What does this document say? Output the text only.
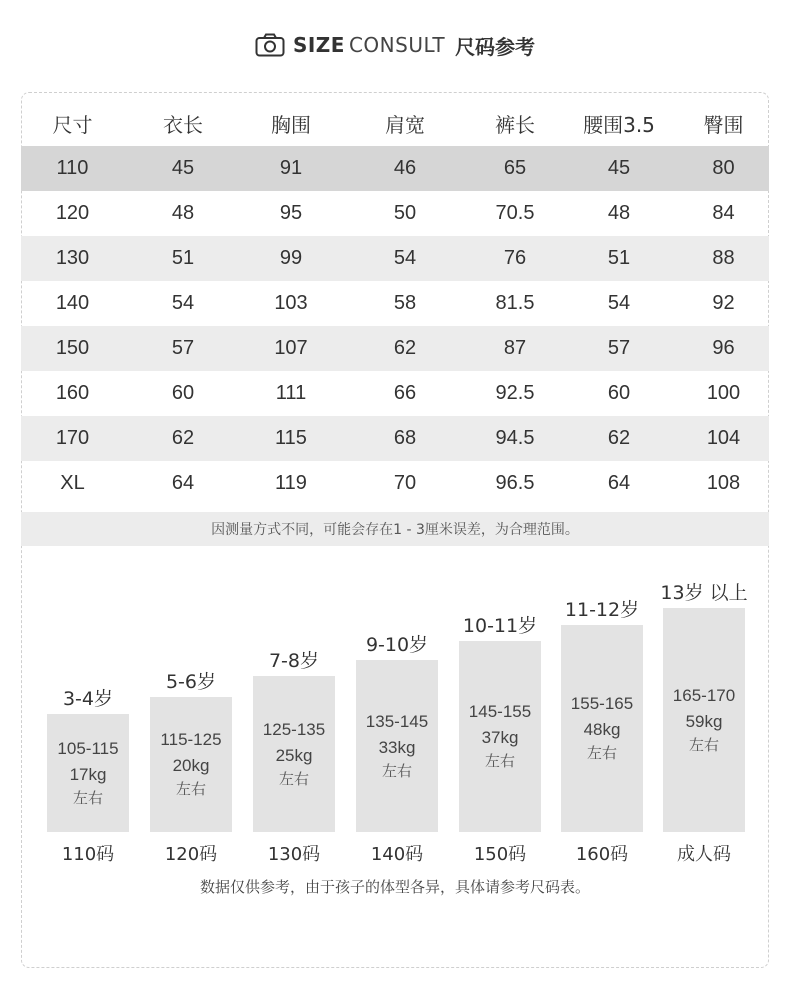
SIZE CONSULT 尺码参考
尺寸	衣长	胸围	肩宽	裤长	腰围3.5	臀围
110	45	91	46	65	45	80
120	48	95	50	70.5	48	84
130	51	99	54	76	51	88
140	54	103	58	81.5	54	92
150	57	107	62	87	57	96
160	60	111	66	92.5	60	100
170	62	115	68	94.5	62	104
XL	64	119	70	96.5	64	108
因测量方式不同，可能会存在1 - 3厘米误差，为合理范围。
3-4岁
105-115
17kg
左右
110码
5-6岁
115-125
20kg
左右
120码
7-8岁
125-135
25kg
左右
130码
9-10岁
135-145
33kg
左右
140码
10-11岁
145-155
37kg
左右
150码
11-12岁
155-165
48kg
左右
160码
13岁 以上
165-170
59kg
左右
成人码
数据仅供参考，由于孩子的体型各异，具体请参考尺码表。
